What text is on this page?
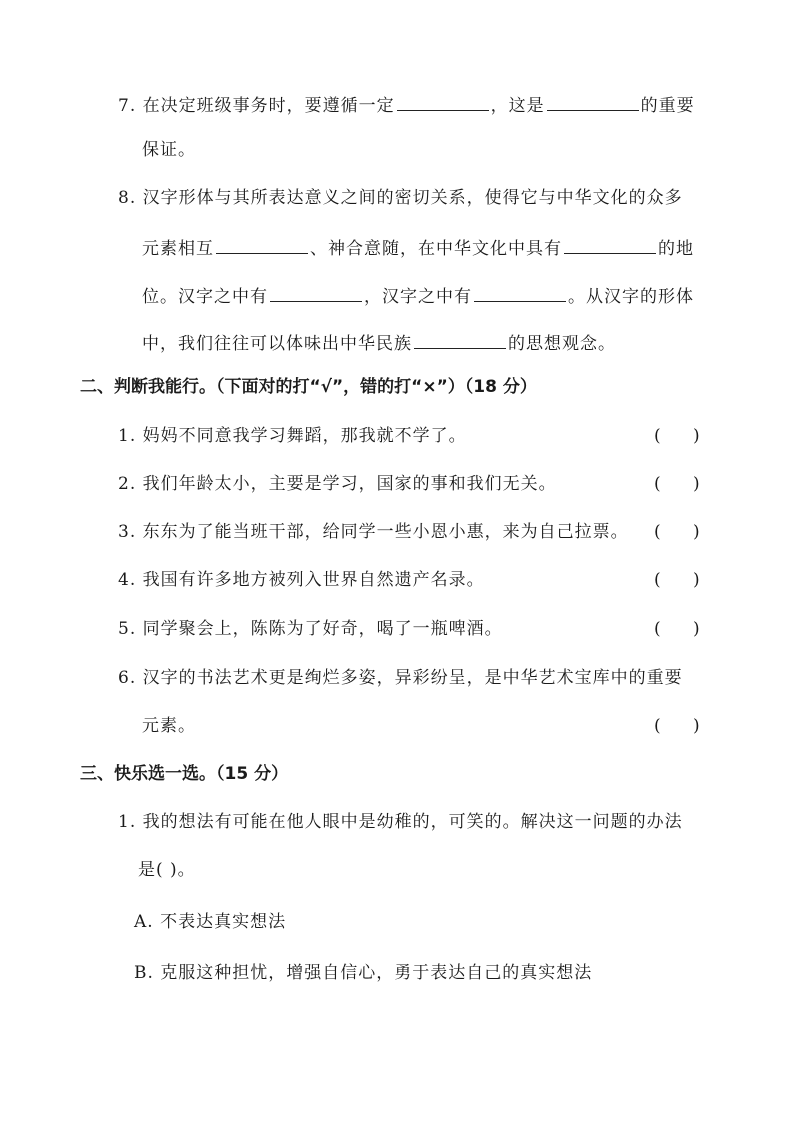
7. 在决定班级事务时，要遵循一定	，这是	的重要
保证。
8. 汉字形体与其所表达意义之间的密切关系，使得它与中华文化的众多
元素相互	、神合意随，在中华文化中具有	的地
位。汉字之中有	，汉字之中有	。从汉字的形体
中，我们往往可以体味出中华民族	的思想观念。
二、判断我能行。（下面对的打“√”，错的打“×”）（18 分）
1. 妈妈不同意我学习舞蹈，那我就不学了。	(      )
2. 我们年龄太小，主要是学习，国家的事和我们无关。	(      )
3. 东东为了能当班干部，给同学一些小恩小惠，来为自己拉票。 (      )
4. 我国有许多地方被列入世界自然遗产名录。	(      )
5. 同学聚会上，陈陈为了好奇，喝了一瓶啤酒。	(      )
6. 汉字的书法艺术更是绚烂多姿，异彩纷呈，是中华艺术宝库中的重要
元素。	(      )
三、快乐选一选。（15 分）
1. 我的想法有可能在他人眼中是幼稚的，可笑的。解决这一问题的办法
是( )。
A. 不表达真实想法
B. 克服这种担忧，增强自信心，勇于表达自己的真实想法
